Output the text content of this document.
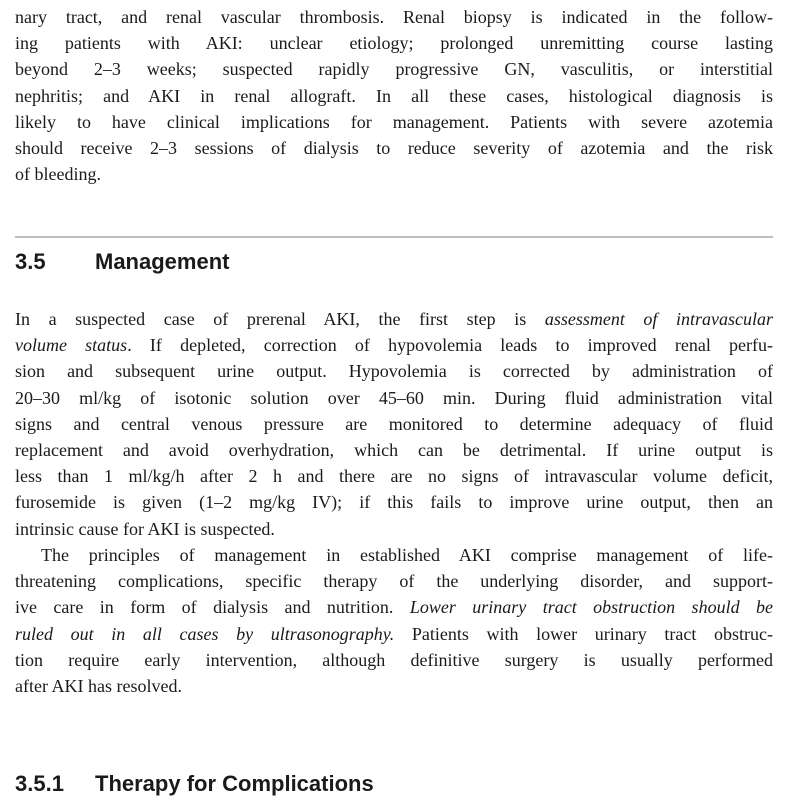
nary tract, and renal vascular thrombosis. Renal biopsy is indicated in the follow-
ing patients with AKI: unclear etiology; prolonged unremitting course lasting
beyond 2–3 weeks; suspected rapidly progressive GN, vasculitis, or interstitial
nephritis; and AKI in renal allograft. In all these cases, histological diagnosis is
likely to have clinical implications for management. Patients with severe azotemia
should receive 2–3 sessions of dialysis to reduce severity of azotemia and the risk
of bleeding.
3.5 Management
In a suspected case of prerenal AKI, the first step is assessment of intravascular
volume status. If depleted, correction of hypovolemia leads to improved renal perfu-
sion and subsequent urine output. Hypovolemia is corrected by administration of
20–30 ml/kg of isotonic solution over 45–60 min. During fluid administration vital
signs and central venous pressure are monitored to determine adequacy of fluid
replacement and avoid overhydration, which can be detrimental. If urine output is
less than 1 ml/kg/h after 2 h and there are no signs of intravascular volume deficit,
furosemide is given (1–2 mg/kg IV); if this fails to improve urine output, then an
intrinsic cause for AKI is suspected.
The principles of management in established AKI comprise management of life-
threatening complications, specific therapy of the underlying disorder, and support-
ive care in form of dialysis and nutrition. Lower urinary tract obstruction should be
ruled out in all cases by ultrasonography. Patients with lower urinary tract obstruc-
tion require early intervention, although definitive surgery is usually performed
after AKI has resolved.
3.5.1 Therapy for Complications
